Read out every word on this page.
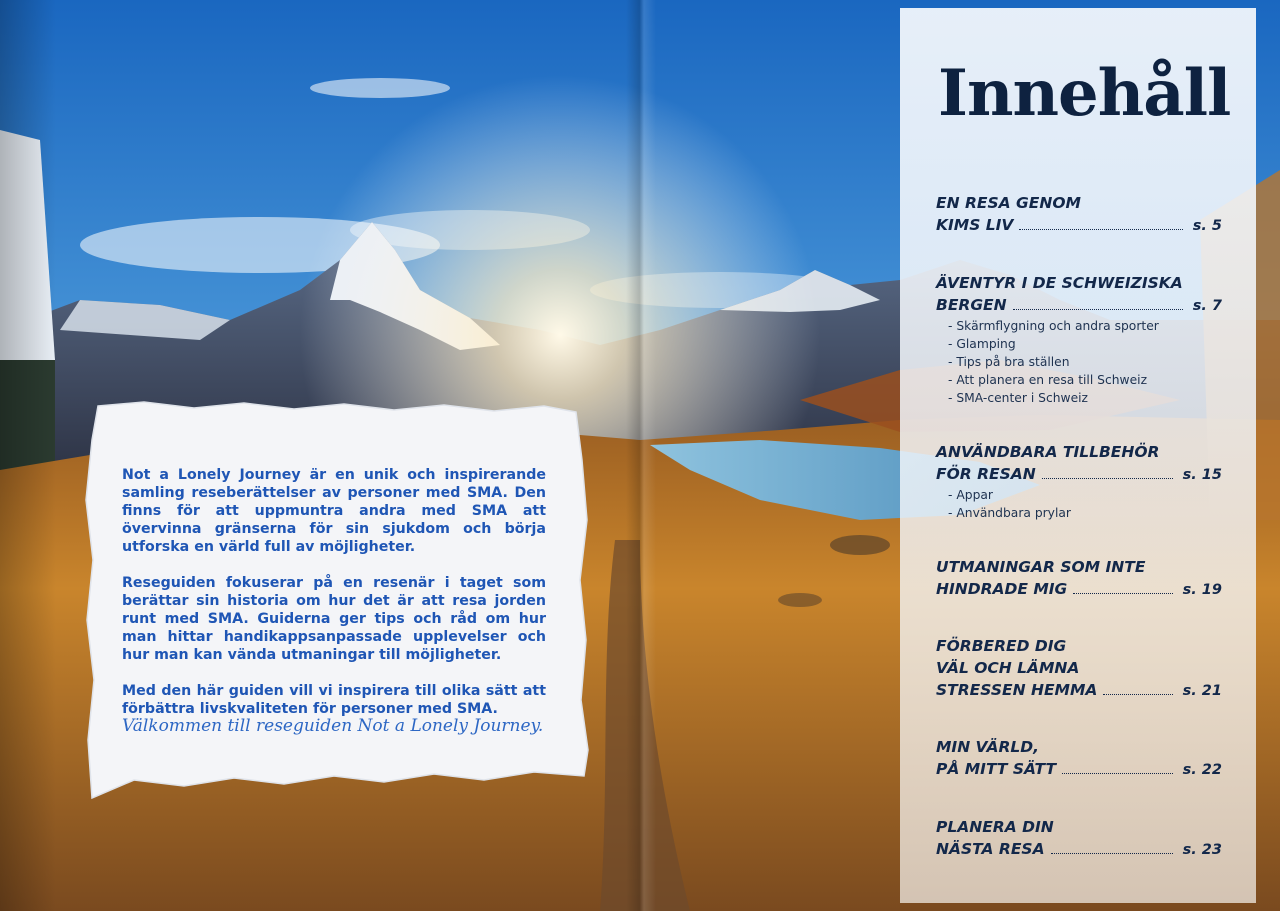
Not a Lonely Journey är en unik och inspirerande samling reseberättelser av personer med SMA. Den finns för att uppmuntra andra med SMA att övervinna gränserna för sin sjukdom och börja utforska en värld full av möjligheter.

Reseguiden fokuserar på en resenär i taget som berättar sin historia om hur det är att resa jorden runt med SMA. Guiderna ger tips och råd om hur man hittar handikappsanpassade upplevelser och hur man kan vända utmaningar till möjligheter.

Med den här guiden vill vi inspirera till olika sätt att förbättra livskvaliteten för personer med SMA.

Välkommen till reseguiden Not a Lonely Journey.
Innehåll
EN RESA GENOM
KIMS LIV	s. 5
ÄVENTYR I DE SCHWEIZISKA
BERGEN	s. 7
- Skärmflygning och andra sporter
- Glamping
- Tips på bra ställen
- Att planera en resa till Schweiz
- SMA-center i Schweiz
ANVÄNDBARA TILLBEHÖR
FÖR RESAN	s. 15
- Appar
- Användbara prylar
UTMANINGAR SOM INTE
HINDRADE MIG	s. 19
FÖRBERED DIG
VÄL OCH LÄMNA
STRESSEN HEMMA	s. 21
MIN VÄRLD,
PÅ MITT SÄTT	s. 22
PLANERA DIN
NÄSTA RESA	s. 23
